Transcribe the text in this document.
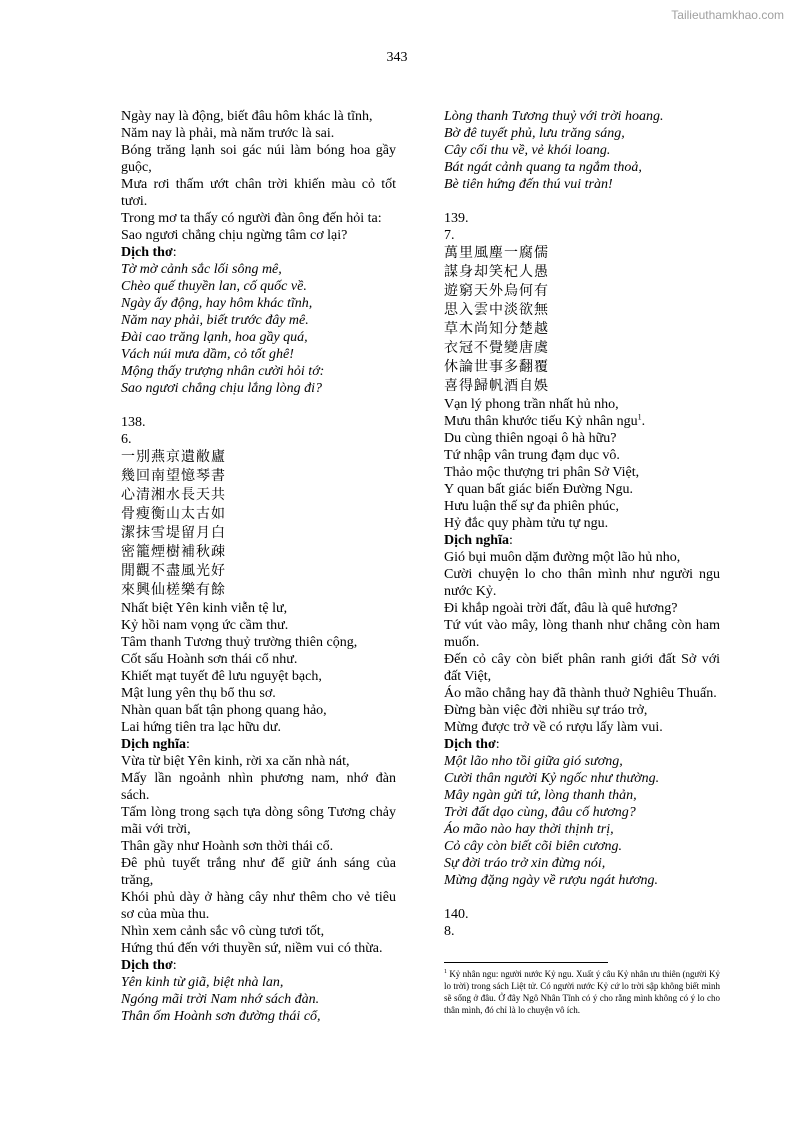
Tailieuthamkhao.com
343
Ngày nay là động, biết đâu hôm khác là tĩnh,
Năm nay là phải, mà năm trước là sai.
Bóng trăng lạnh soi gác núi làm bóng hoa gầy guộc,
Mưa rơi thấm ướt chân trời khiến màu cỏ tốt tươi.
Trong mơ ta thấy có người đàn ông đến hỏi ta:
Sao ngươi chẳng chịu ngừng tâm cơ lại?
Dịch thơ:
Tờ mờ cảnh sắc lối sông mê,
Chèo quế thuyền lan, cố quốc về.
Ngày ấy động, hay hôm khác tĩnh,
Năm nay phải, biết trước đây mê.
Đài cao trăng lạnh, hoa gầy quá,
Vách núi mưa dầm, cỏ tốt ghê!
Mộng thấy trượng nhân cười hỏi tớ:
Sao ngươi chẳng chịu lắng lòng đi?
138.
6.
一別燕京遺敝廬
幾回南望憶琴書
心清湘水長天共
骨瘦衡山太古如
潔抹雪堤留月白
密籠煙樹補秋疎
閒觀不盡風光好
來興仙槎樂有餘
Nhất biệt Yên kinh viễn tệ lư,
Kỷ hồi nam vọng ức cầm thư.
Tâm thanh Tương thuỷ trường thiên cộng,
Cốt sấu Hoành sơn thái cổ như.
Khiết mạt tuyết đê lưu nguyệt bạch,
Mật lung yên thụ bổ thu sơ.
Nhàn quan bất tận phong quang hảo,
Lai hứng tiên tra lạc hữu dư.
Dịch nghĩa:
Vừa từ biệt Yên kinh, rời xa căn nhà nát,
Mấy lần ngoảnh nhìn phương nam, nhớ đàn sách.
Tấm lòng trong sạch tựa dòng sông Tương chảy mãi với trời,
Thân gầy như Hoành sơn thời thái cổ.
Đê phủ tuyết trắng như để giữ ánh sáng của trăng,
Khói phủ dày ở hàng cây như thêm cho vẻ tiêu sơ của mùa thu.
Nhìn xem cảnh sắc vô cùng tươi tốt,
Hứng thú đến với thuyền sứ, niềm vui có thừa.
Dịch thơ:
Yên kinh từ giã, biệt nhà lan,
Ngóng mãi trời Nam nhớ sách đàn.
Thân ốm Hoành sơn đường thái cổ,
Lòng thanh Tương thuỷ với trời hoang.
Bờ đê tuyết phủ, lưu trăng sáng,
Cây cối thu về, vẻ khói loang.
Bát ngát cảnh quang ta ngắm thoả,
Bè tiên hứng đến thú vui tràn!
139.
7.
萬里風塵一腐儒
謀身却笑杞人愚
遊窮天外烏何有
思入雲中淡欲無
草木尚知分楚越
衣冠不覺變唐虞
休論世事多翻覆
喜得歸帆酒自娛
Vạn lý phong trần nhất hủ nho,
Mưu thân khước tiếu Kỷ nhân ngu$^1$.
Du cùng thiên ngoại ô hà hữu?
Tứ nhập vân trung đạm dục vô.
Thảo mộc thượng tri phân Sở Việt,
Y quan bất giác biến Đường Ngu.
Hưu luận thế sự đa phiên phúc,
Hỷ đắc quy phàm tửu tự ngu.
Dịch nghĩa:
Gió bụi muôn dặm đường một lão hủ nho,
Cười chuyện lo cho thân mình như người ngu nước Kỷ.
Đi khắp ngoài trời đất, đâu là quê hương?
Tứ vút vào mây, lòng thanh như chẳng còn ham muốn.
Đến cỏ cây còn biết phân ranh giới đất Sở với đất Việt,
Áo mão chẳng hay đã thành thuở Nghiêu Thuấn.
Đừng bàn việc đời nhiều sự tráo trở,
Mừng được trở về có rượu lấy làm vui.
Dịch thơ:
Một lão nho tồi giữa gió sương,
Cười thân người Kỷ ngốc như thường.
Mây ngàn gửi tứ, lòng thanh thản,
Trời đất dạo cùng, đâu cố hương?
Áo mão nào hay thời thịnh trị,
Cỏ cây còn biết cõi biên cương.
Sự đời tráo trở xin đừng nói,
Mừng đặng ngày về rượu ngát hương.
140.
8.
$^1$ Kỷ nhân ngu: người nước Kỷ ngu. Xuất ý câu Kỷ nhân ưu thiên (người Kỷ lo trời) trong sách Liệt tử. Có người nước Kỷ cứ lo trời sập không biết mình sẽ sống ở đâu. Ở đây Ngô Nhân Tĩnh có ý cho rằng mình không có ý lo cho thân mình, đó chỉ là lo chuyện vô ích.
